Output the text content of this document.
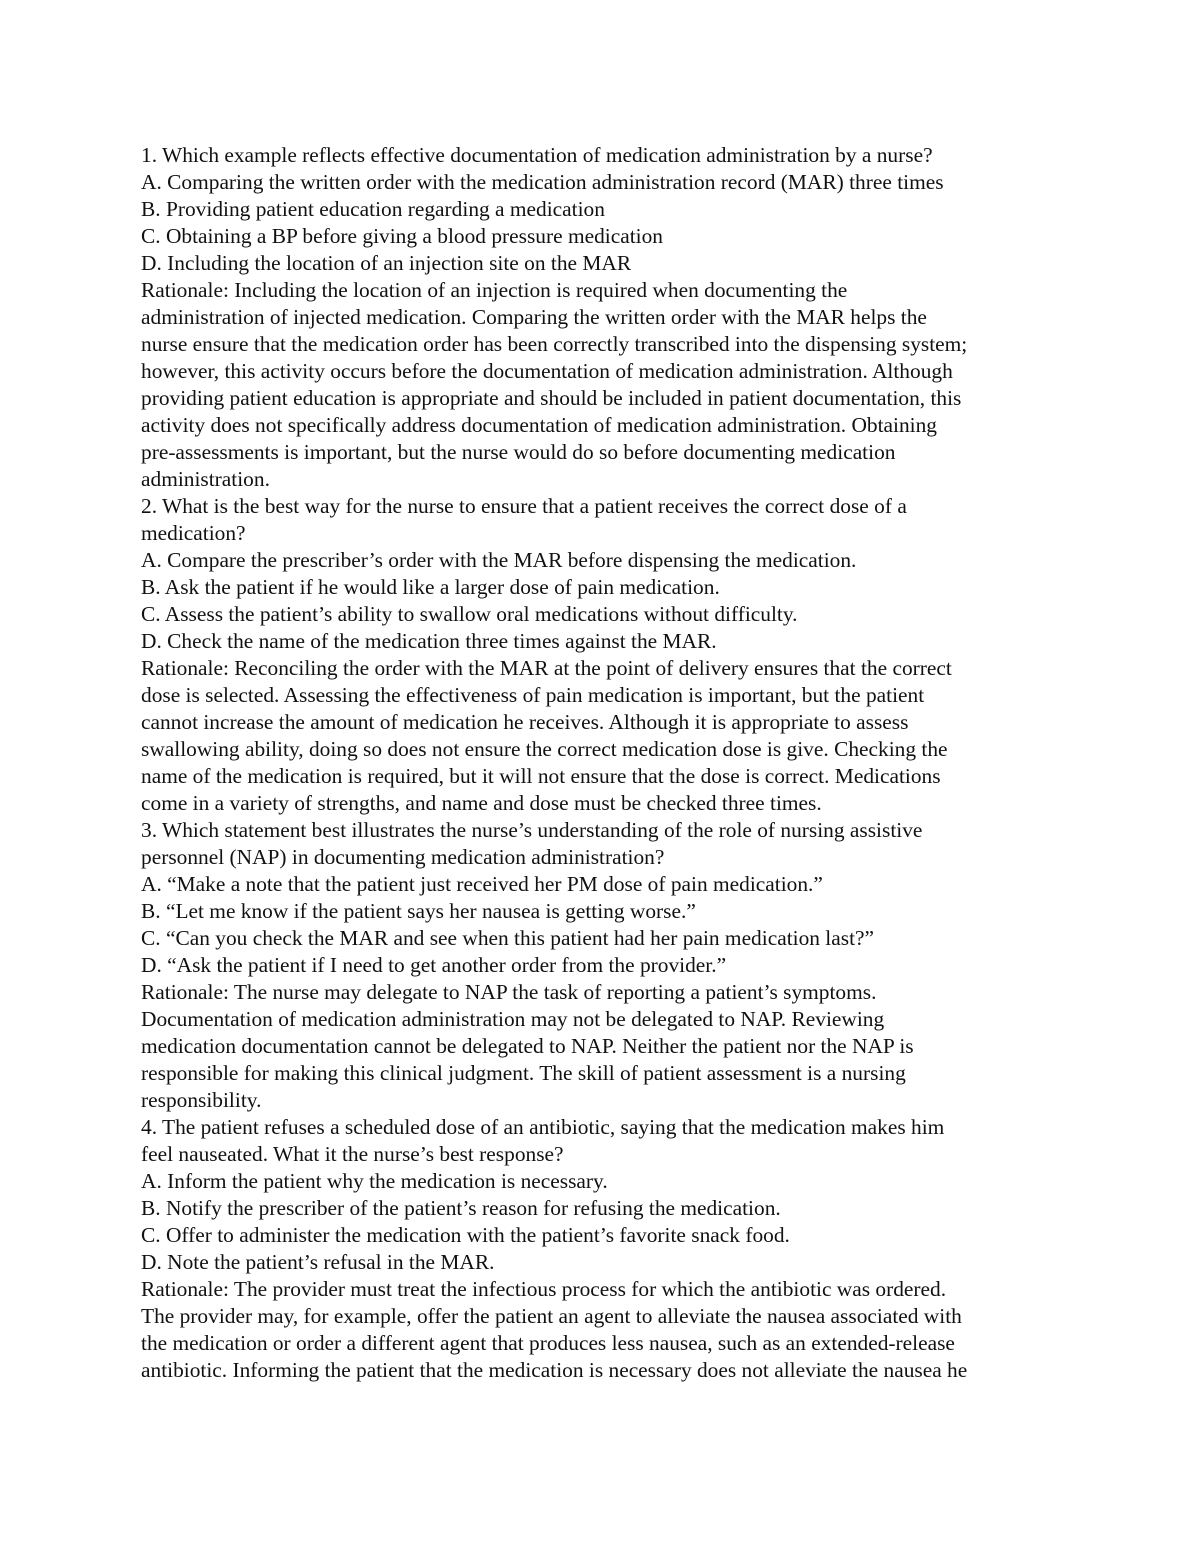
1. Which example reflects effective documentation of medication administration by a nurse?
A. Comparing the written order with the medication administration record (MAR) three times
B. Providing patient education regarding a medication
C. Obtaining a BP before giving a blood pressure medication
D. Including the location of an injection site on the MAR
Rationale: Including the location of an injection is required when documenting the
administration of injected medication. Comparing the written order with the MAR helps the
nurse ensure that the medication order has been correctly transcribed into the dispensing system;
however, this activity occurs before the documentation of medication administration. Although
providing patient education is appropriate and should be included in patient documentation, this
activity does not specifically address documentation of medication administration. Obtaining
pre-assessments is important, but the nurse would do so before documenting medication
administration.
2. What is the best way for the nurse to ensure that a patient receives the correct dose of a
medication?
A. Compare the prescriber’s order with the MAR before dispensing the medication.
B. Ask the patient if he would like a larger dose of pain medication.
C. Assess the patient’s ability to swallow oral medications without difficulty.
D. Check the name of the medication three times against the MAR.
Rationale: Reconciling the order with the MAR at the point of delivery ensures that the correct
dose is selected. Assessing the effectiveness of pain medication is important, but the patient
cannot increase the amount of medication he receives. Although it is appropriate to assess
swallowing ability, doing so does not ensure the correct medication dose is give. Checking the
name of the medication is required, but it will not ensure that the dose is correct. Medications
come in a variety of strengths, and name and dose must be checked three times.
3. Which statement best illustrates the nurse’s understanding of the role of nursing assistive
personnel (NAP) in documenting medication administration?
A. “Make a note that the patient just received her PM dose of pain medication.”
B. “Let me know if the patient says her nausea is getting worse.”
C. “Can you check the MAR and see when this patient had her pain medication last?”
D. “Ask the patient if I need to get another order from the provider.”
Rationale: The nurse may delegate to NAP the task of reporting a patient’s symptoms.
Documentation of medication administration may not be delegated to NAP. Reviewing
medication documentation cannot be delegated to NAP. Neither the patient nor the NAP is
responsible for making this clinical judgment. The skill of patient assessment is a nursing
responsibility.
4. The patient refuses a scheduled dose of an antibiotic, saying that the medication makes him
feel nauseated. What it the nurse’s best response?
A. Inform the patient why the medication is necessary.
B. Notify the prescriber of the patient’s reason for refusing the medication.
C. Offer to administer the medication with the patient’s favorite snack food.
D. Note the patient’s refusal in the MAR.
Rationale: The provider must treat the infectious process for which the antibiotic was ordered.
The provider may, for example, offer the patient an agent to alleviate the nausea associated with
the medication or order a different agent that produces less nausea, such as an extended-release
antibiotic. Informing the patient that the medication is necessary does not alleviate the nausea he
